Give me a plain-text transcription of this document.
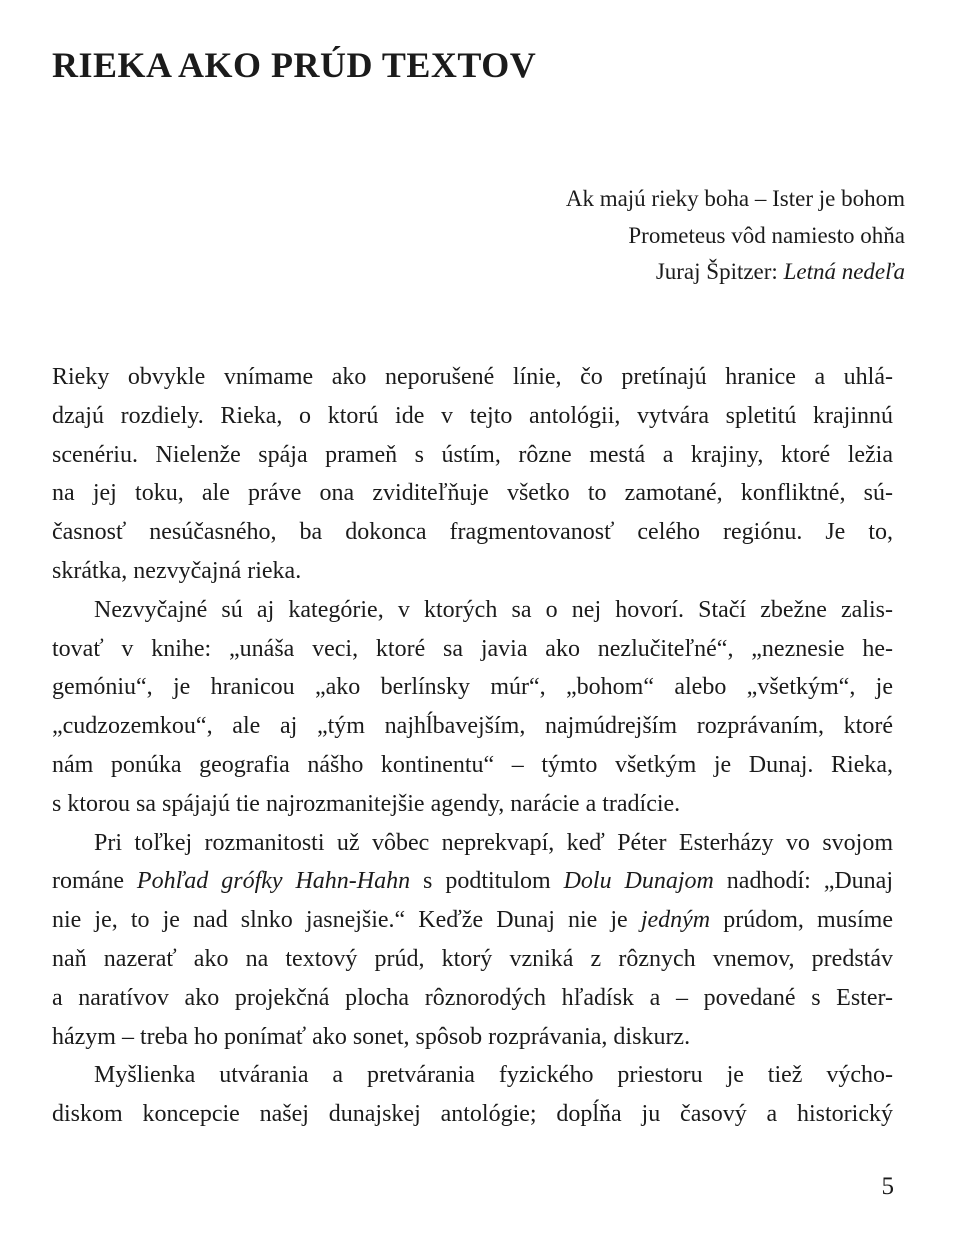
RIEKA AKO PRÚD TEXTOV
Ak majú rieky boha – Ister je bohom
Prometeus vôd namiesto ohňa
Juraj Špitzer: Letná nedeľa
Rieky obvykle vnímame ako neporušené línie, čo pretínajú hranice a uhlá-
dzajú rozdiely. Rieka, o ktorú ide v tejto antológii, vytvára spletitú krajinnú
scenériu. Nielenže spája prameň s ústím, rôzne mestá a krajiny, ktoré ležia
na jej toku, ale práve ona zviditeľňuje všetko to zamotané, konfliktné, sú-
časnosť nesúčasného, ba dokonca fragmentovanosť celého regiónu. Je to,
skrátka, nezvyčajná rieka.
Nezvyčajné sú aj kategórie, v ktorých sa o nej hovorí. Stačí zbežne zalis-
tovať v knihe: „unáša veci, ktoré sa javia ako nezlučiteľné“, „neznesie he-
gemóniu“, je hranicou „ako berlínsky múr“, „bohom“ alebo „všetkým“, je
„cudzozemkou“, ale aj „tým najhĺbavejším, najmúdrejším rozprávaním, ktoré
nám ponúka geografia nášho kontinentu“ – týmto všetkým je Dunaj. Rieka,
s ktorou sa spájajú tie najrozmanitejšie agendy, narácie a tradície.
Pri toľkej rozmanitosti už vôbec neprekvapí, keď Péter Esterházy vo svojom
románe Pohľad grófky Hahn-Hahn s podtitulom Dolu Dunajom nadhodí: „Dunaj
nie je, to je nad slnko jasnejšie.“ Keďže Dunaj nie je jedným prúdom, musíme
naň nazerať ako na textový prúd, ktorý vzniká z rôznych vnemov, predstáv
a naratívov ako projekčná plocha rôznorodých hľadísk a – povedané s Ester-
házym – treba ho ponímať ako sonet, spôsob rozprávania, diskurz.
Myšlienka utvárania a pretvárania fyzického priestoru je tiež výcho-
diskom koncepcie našej dunajskej antológie; dopĺňa ju časový a historický
5
